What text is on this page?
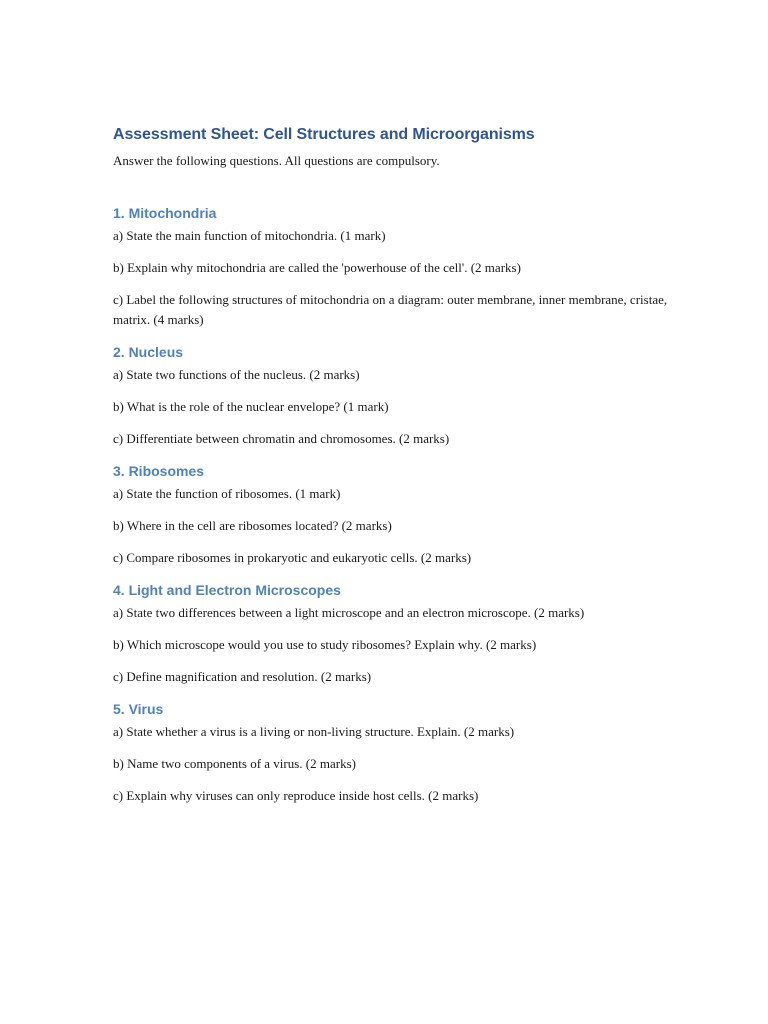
Assessment Sheet: Cell Structures and Microorganisms

Answer the following questions. All questions are compulsory.

1. Mitochondria

a) State the main function of mitochondria. (1 mark)

b) Explain why mitochondria are called the 'powerhouse of the cell'. (2 marks)

c) Label the following structures of mitochondria on a diagram: outer membrane, inner membrane, cristae, matrix. (4 marks)

2. Nucleus

a) State two functions of the nucleus. (2 marks)

b) What is the role of the nuclear envelope? (1 mark)

c) Differentiate between chromatin and chromosomes. (2 marks)

3. Ribosomes

a) State the function of ribosomes. (1 mark)

b) Where in the cell are ribosomes located? (2 marks)

c) Compare ribosomes in prokaryotic and eukaryotic cells. (2 marks)

4. Light and Electron Microscopes

a) State two differences between a light microscope and an electron microscope. (2 marks)

b) Which microscope would you use to study ribosomes? Explain why. (2 marks)

c) Define magnification and resolution. (2 marks)

5. Virus

a) State whether a virus is a living or non-living structure. Explain. (2 marks)

b) Name two components of a virus. (2 marks)

c) Explain why viruses can only reproduce inside host cells. (2 marks)
